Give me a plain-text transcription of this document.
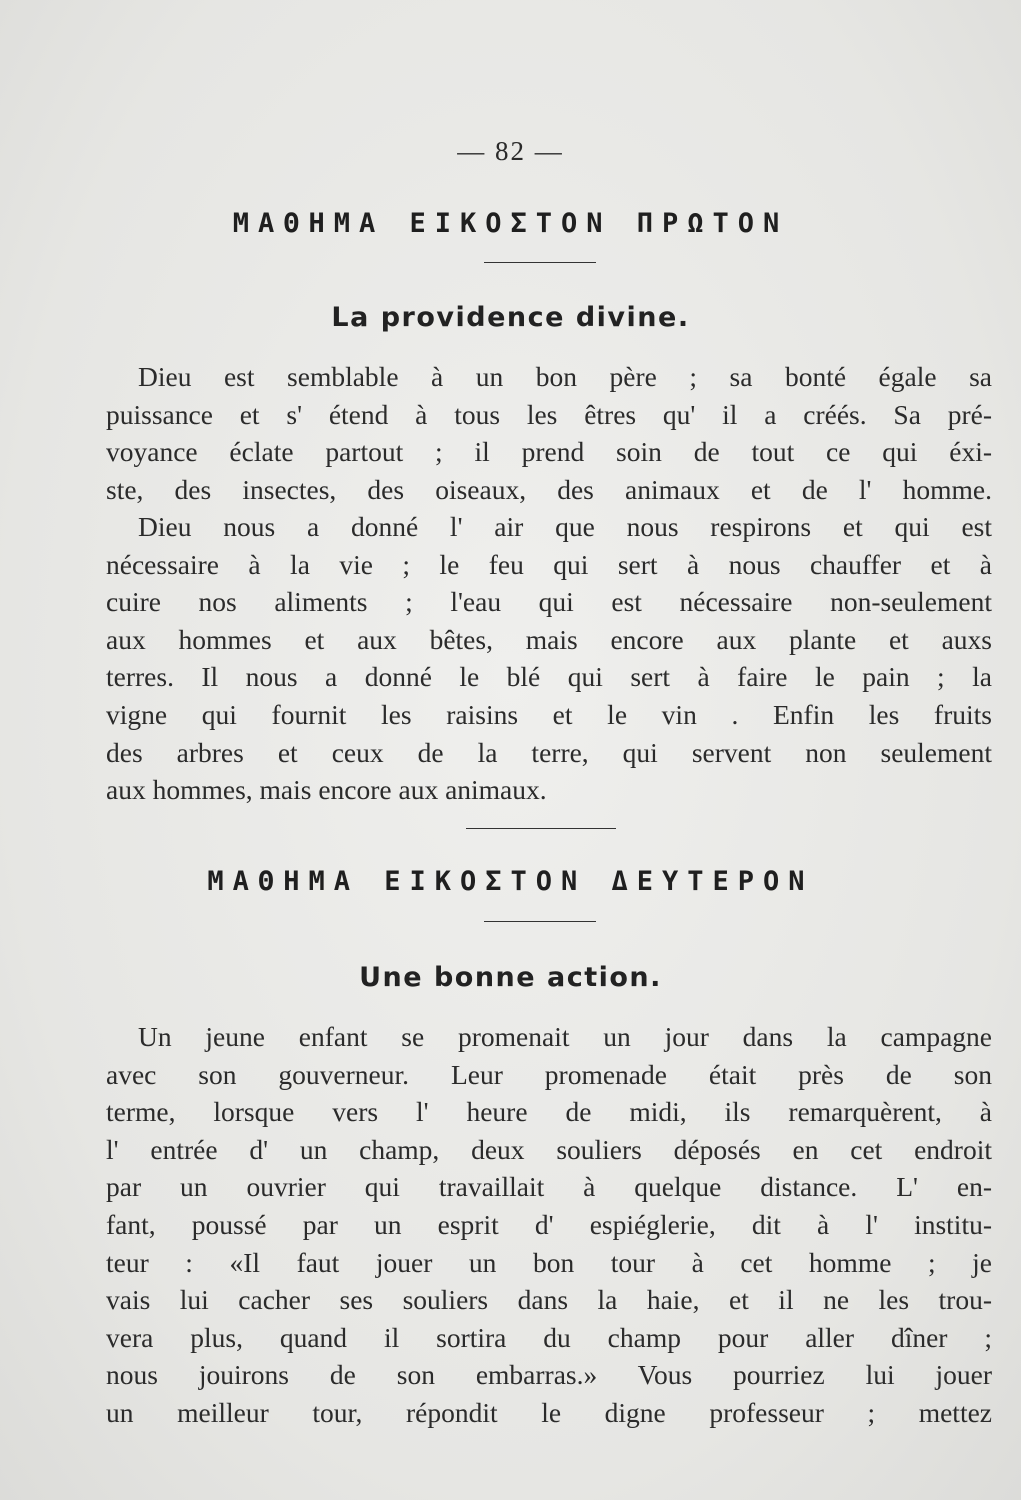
— 82 —
ΜΑΘΗΜΑ ΕΙΚΟΣΤΟΝ ΠΡΩΤΟΝ
La providence divine.
Dieu est semblable à un bon père ; sa bonté égale sa
puissance et s' étend à tous les êtres qu' il a créés. Sa pré-
voyance éclate partout ; il prend soin de tout ce qui éxi-
ste, des insectes, des oiseaux, des animaux et de l' homme.
Dieu nous a donné l' air que nous respirons et qui est
nécessaire à la vie ; le feu qui sert à nous chauffer et à
cuire nos aliments ; l'eau qui est nécessaire non-seulement
aux hommes et aux bêtes, mais encore aux plante et auxs
terres. Il nous a donné le blé qui sert à faire le pain ; la
vigne qui fournit les raisins et le vin . Enfin les fruits
des arbres et ceux de la terre, qui servent non seulement
aux hommes, mais encore aux animaux.
ΜΑΘΗΜΑ ΕΙΚΟΣΤΟΝ ΔΕΥΤΕΡΟΝ
Une bonne action.
Un jeune enfant se promenait un jour dans la campagne
avec son gouverneur. Leur promenade était près de son
terme, lorsque vers l' heure de midi, ils remarquèrent, à
l' entrée d' un champ, deux souliers déposés en cet endroit
par un ouvrier qui travaillait à quelque distance. L' en-
fant, poussé par un esprit d' espiéglerie, dit à l' institu-
teur : «Il faut jouer un bon tour à cet homme ; je
vais lui cacher ses souliers dans la haie, et il ne les trou-
vera plus, quand il sortira du champ pour aller dîner ;
nous jouirons de son embarras.» Vous pourriez lui jouer
un meilleur tour, répondit le digne professeur ; mettez
